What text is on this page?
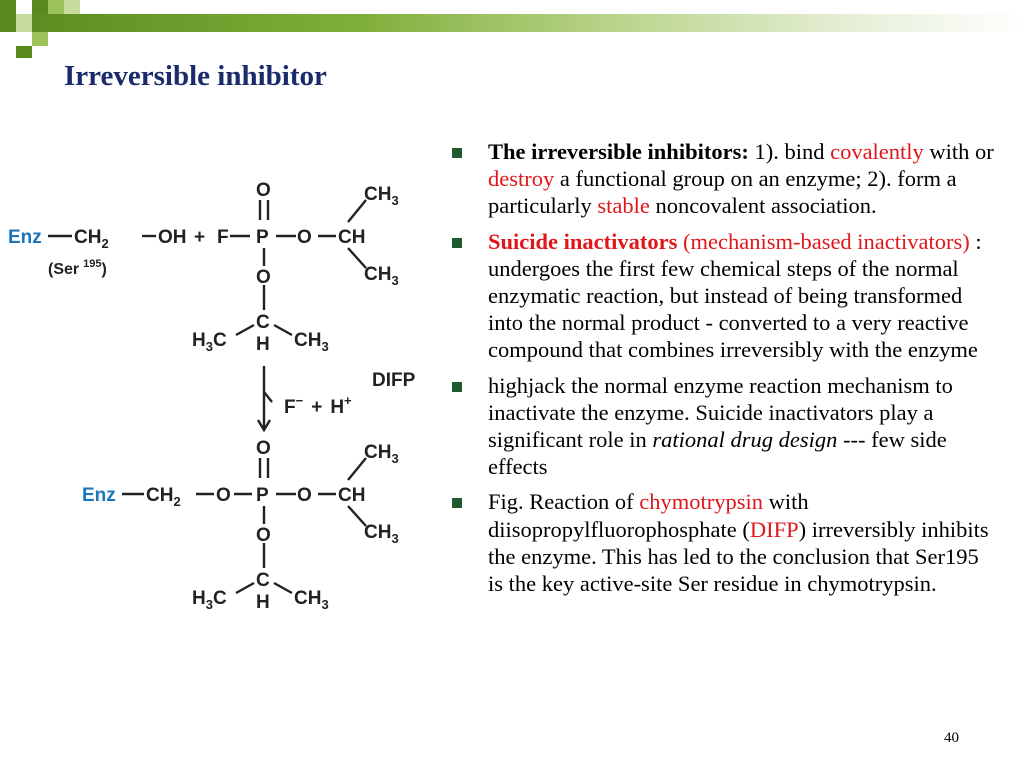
Irreversible inhibitor
Enz $CH_2$	OH + F P O CH
(Ser $^{195}$)
O	$CH_3$
$CH_3$
O
C
H
$H_3C$	$CH_3$
DIFP
F− + H+
Enz $CH_2$ O P O CH
O	$CH_3$
$CH_3$
O
C
H
$H_3C$	$CH_3$
The irreversible inhibitors: 1). bind covalently with or destroy a functional group on an enzyme; 2). form a particularly stable noncovalent association.
Suicide inactivators (mechanism-based inactivators) : undergoes the first few chemical steps of the normal enzymatic reaction, but instead of being transformed into the normal product - converted to a very reactive compound that combines irreversibly with the enzyme
highjack the normal enzyme reaction mechanism to inactivate the enzyme. Suicide inactivators play a significant role in rational drug design --- few side effects
Fig. Reaction of chymotrypsin with diisopropylfluorophosphate (DIFP) irreversibly inhibits the enzyme. This has led to the conclusion that Ser195 is the key active-site Ser residue in chymotrypsin.
40
